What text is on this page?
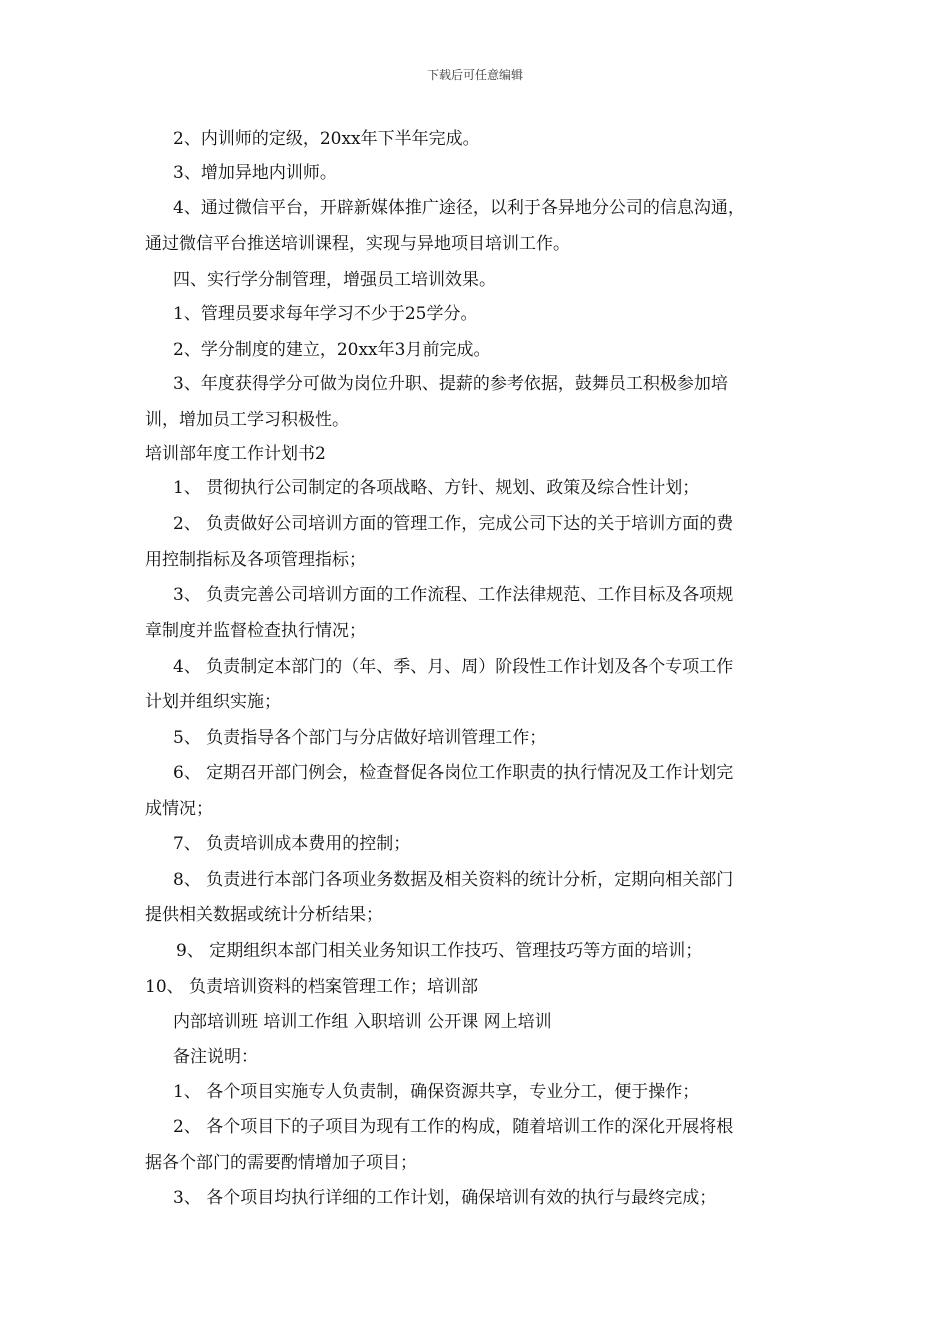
下载后可任意编辑
2、内训师的定级，20xx年下半年完成。
3、增加异地内训师。
4、通过微信平台，开辟新媒体推广途径，以利于各异地分公司的信息沟通，
通过微信平台推送培训课程，实现与异地项目培训工作。
四、实行学分制管理，增强员工培训效果。
1、管理员要求每年学习不少于25学分。
2、学分制度的建立，20xx年3月前完成。
3、年度获得学分可做为岗位升职、提薪的参考依据，鼓舞员工积极参加培
训，增加员工学习积极性。
培训部年度工作计划书2
1、 贯彻执行公司制定的各项战略、方针、规划、政策及综合性计划；
2、 负责做好公司培训方面的管理工作，完成公司下达的关于培训方面的费
用控制指标及各项管理指标；
3、 负责完善公司培训方面的工作流程、工作法律规范、工作目标及各项规
章制度并监督检查执行情况；
4、 负责制定本部门的（年、季、月、周）阶段性工作计划及各个专项工作
计划并组织实施；
5、 负责指导各个部门与分店做好培训管理工作；
6、 定期召开部门例会，检查督促各岗位工作职责的执行情况及工作计划完
成情况；
7、 负责培训成本费用的控制；
8、 负责进行本部门各项业务数据及相关资料的统计分析，定期向相关部门
提供相关数据或统计分析结果；
9、 定期组织本部门相关业务知识工作技巧、管理技巧等方面的培训；
10、 负责培训资料的档案管理工作；培训部
内部培训班 培训工作组 入职培训 公开课 网上培训
备注说明：
1、 各个项目实施专人负责制，确保资源共享，专业分工，便于操作；
2、 各个项目下的子项目为现有工作的构成，随着培训工作的深化开展将根
据各个部门的需要酌情增加子项目；
3、 各个项目均执行详细的工作计划，确保培训有效的执行与最终完成；
